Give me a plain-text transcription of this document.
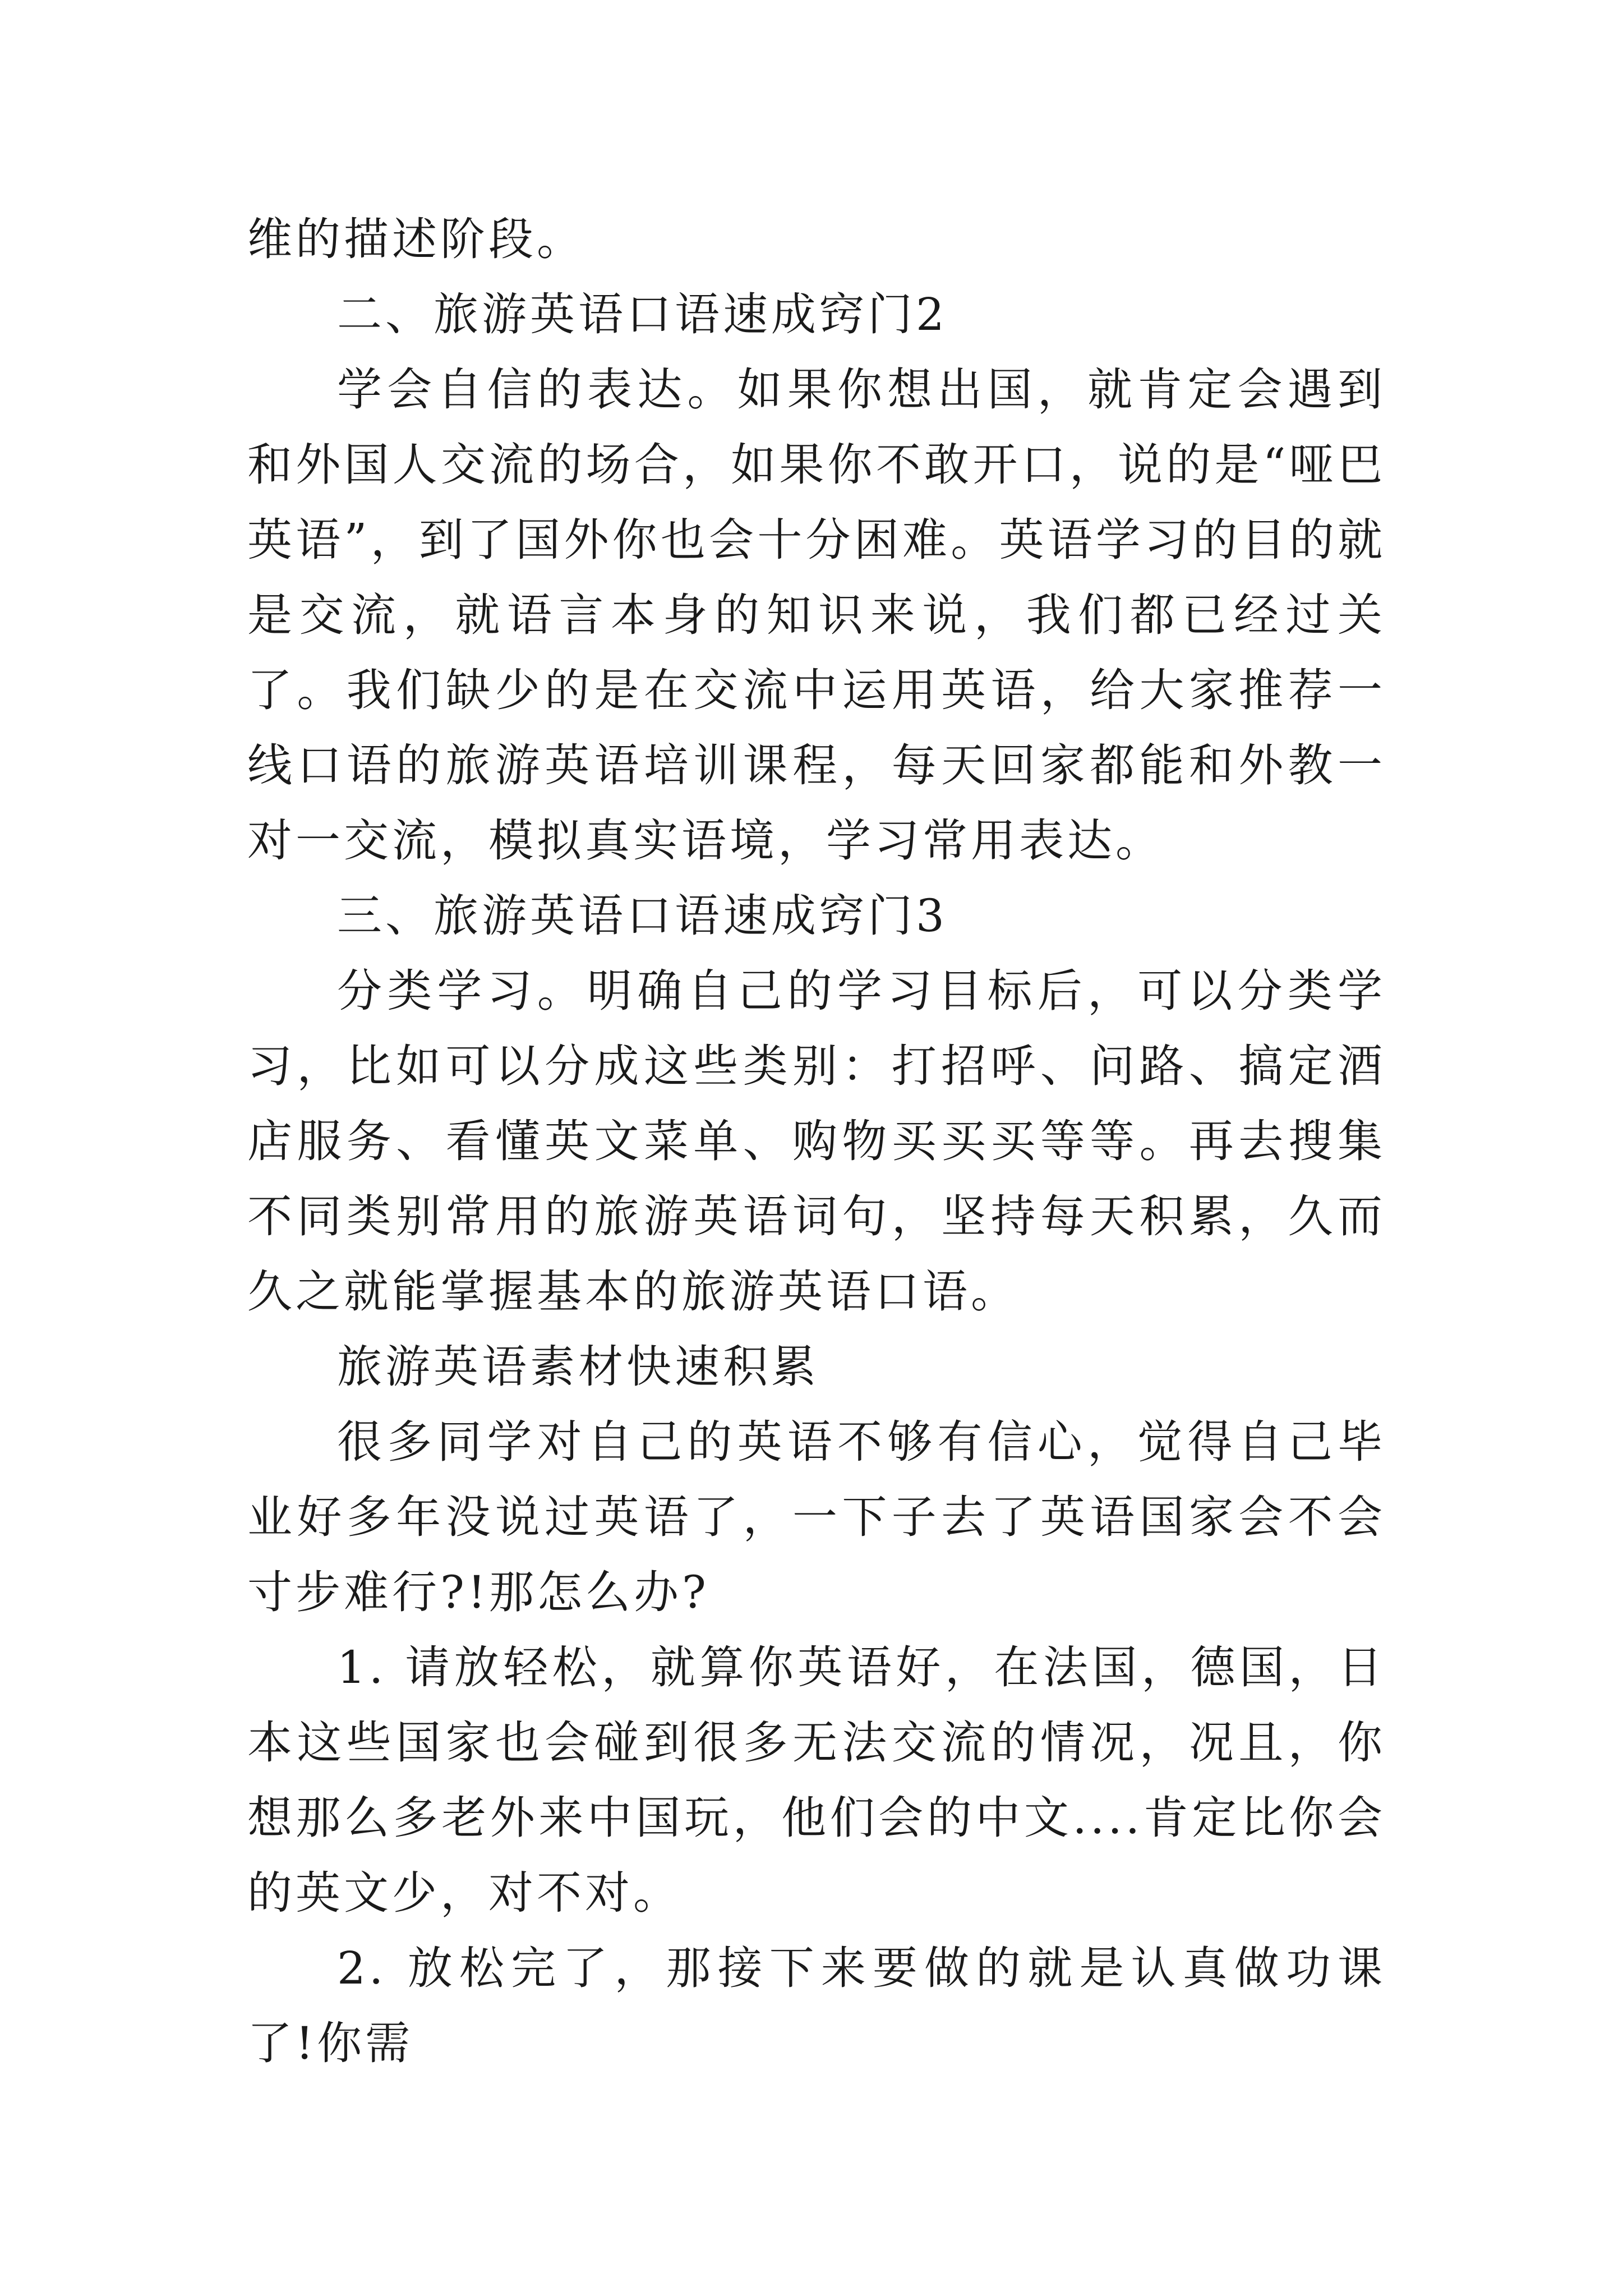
维的描述阶段。

二、旅游英语口语速成窍门2

学会自信的表达。如果你想出国，就肯定会遇到和外国人交流的场合，如果你不敢开口，说的是“哑巴英语”，到了国外你也会十分困难。英语学习的目的就是交流，就语言本身的知识来说，我们都已经过关了。我们缺少的是在交流中运用英语，给大家推荐一线口语的旅游英语培训课程，每天回家都能和外教一对一交流，模拟真实语境，学习常用表达。

三、旅游英语口语速成窍门3

分类学习。明确自己的学习目标后，可以分类学习，比如可以分成这些类别：打招呼、问路、搞定酒店服务、看懂英文菜单、购物买买买等等。再去搜集不同类别常用的旅游英语词句，坚持每天积累，久而久之就能掌握基本的旅游英语口语。

旅游英语素材快速积累

很多同学对自己的英语不够有信心，觉得自己毕业好多年没说过英语了，一下子去了英语国家会不会寸步难行?!那怎么办?

1. 请放轻松，就算你英语好，在法国，德国，日本这些国家也会碰到很多无法交流的情况，况且，你想那么多老外来中国玩，他们会的中文....肯定比你会的英文少，对不对。

2. 放松完了，那接下来要做的就是认真做功课了!你需
